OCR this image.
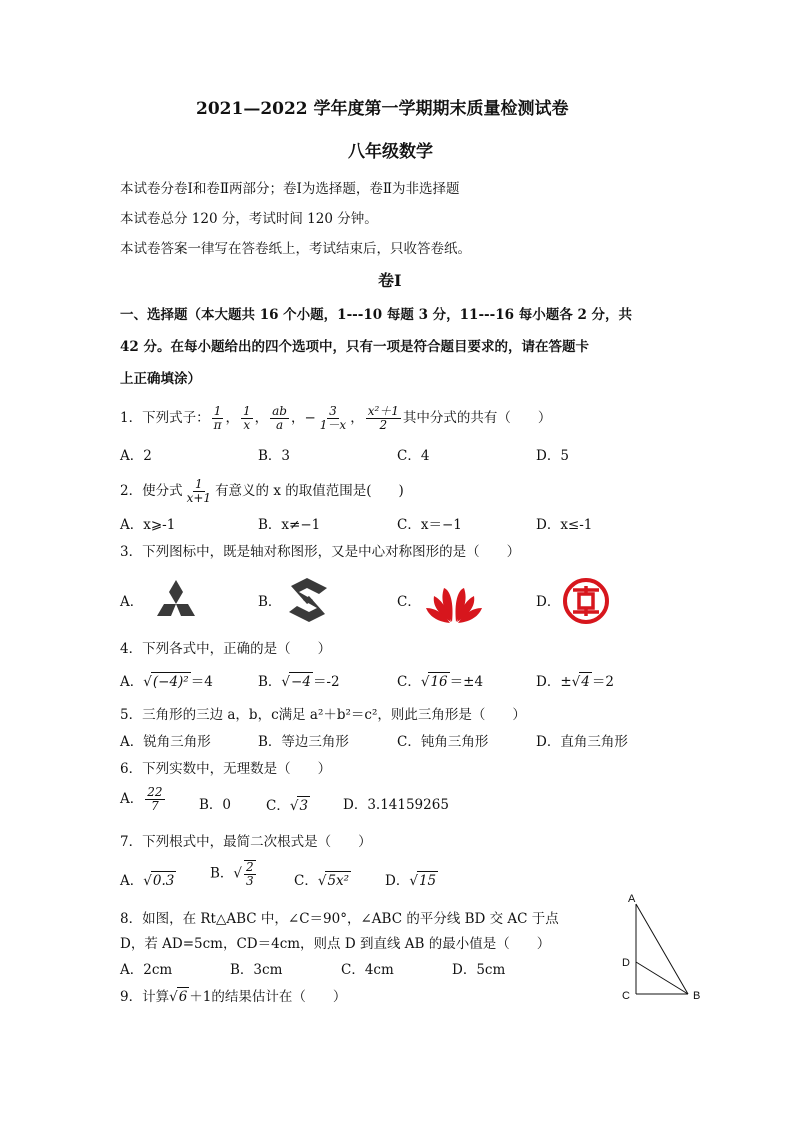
2021—2022 学年度第一学期期末质量检测试卷
八年级数学
本试卷分卷Ⅰ和卷Ⅱ两部分；卷Ⅰ为选择题，卷Ⅱ为非选择题
本试卷总分 120 分，考试时间 120 分钟。
本试卷答案一律写在答卷纸上，考试结束后，只收答卷纸。
卷Ⅰ
一、选择题（本大题共 16 个小题，1---10 每题 3 分，11---16 每小题各 2 分，共
42 分。在每小题给出的四个选项中，只有一项是符合题目要求的，请在答题卡
上正确填涂）
1．下列式子： $\frac{1}{\pi}$ ， $\frac{1}{x}$ ， $\frac{ab}{a}$ ，− $\frac{3}{1-x}$ ， $\frac{\text{x²＋1}}{2}$ 其中分式的共有（　　）
A．2	B．3	C．4	D．5
2．使分式 $\frac{1}{x+1}$ 有意义的 x 的取值范围是(　　)
A．x⩾-1	B．x≠−1	C．x＝−1	D．x≤-1
3．下列图标中，既是轴对称图形，又是中心对称图形的是（　　）
A．	B．	C．	D．
4．下列各式中，正确的是（　　）
A．√(−4)² ＝4	B．√−4 ＝-2	C．√16 ＝±4	D．±√4 ＝2
5．三角形的三边 a，b，c满足 a²＋b²＝c²，则此三角形是（　　）
A．锐角三角形	B．等边三角形	C．钝角三角形	D．直角三角形
6．下列实数中，无理数是（　　）
A． $\frac{22}{7}$	B．0	C．√3	D．3.14159265
7．下列根式中，最简二次根式是（　　）
A．√0.3	B．√ $\frac{2}{3}$	C．√5x²	D．√15
8．如图，在 Rt△ABC 中，∠C＝90°，∠ABC 的平分线 BD 交 AC 于点
D，若 AD=5cm，CD＝4cm，则点 D 到直线 AB 的最小值是（　　）
A．2cm	B．3cm	C．4cm	D．5cm
9．计算√6 ＋1的结果估计在（　　）
A
D
C	B
